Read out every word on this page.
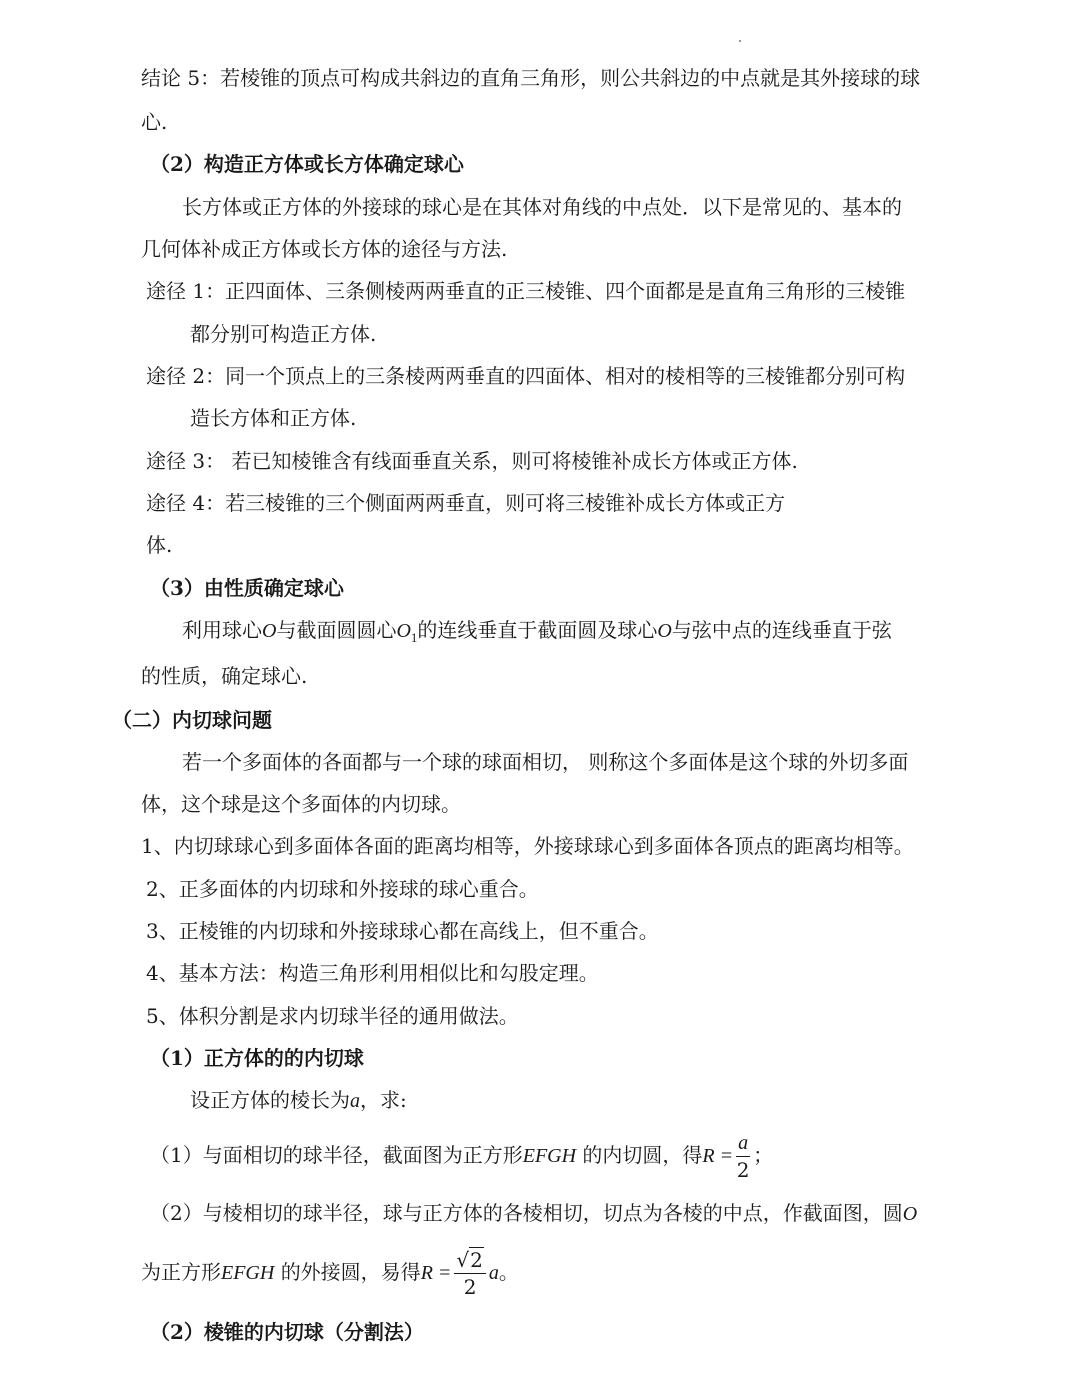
结论 5：若棱锥的顶点可构成共斜边的直角三角形，则公共斜边的中点就是其外接球的球
心.
（2）构造正方体或长方体确定球心
长方体或正方体的外接球的球心是在其体对角线的中点处．以下是常见的、基本的
几何体补成正方体或长方体的途径与方法.
途径 1：正四面体、三条侧棱两两垂直的正三棱锥、四个面都是是直角三角形的三棱锥
都分别可构造正方体.
途径 2：同一个顶点上的三条棱两两垂直的四面体、相对的棱相等的三棱锥都分别可构
造长方体和正方体.
途径 3： 若已知棱锥含有线面垂直关系，则可将棱锥补成长方体或正方体.
途径 4：若三棱锥的三个侧面两两垂直，则可将三棱锥补成长方体或正方
体.
（3）由性质确定球心
利用球心O与截面圆圆心$O_1$的连线垂直于截面圆及球心O与弦中点的连线垂直于弦
的性质，确定球心.
（二）内切球问题
若一个多面体的各面都与一个球的球面相切， 则称这个多面体是这个球的外切多面
体，这个球是这个多面体的内切球。
1、内切球球心到多面体各面的距离均相等，外接球球心到多面体各顶点的距离均相等。
2、正多面体的内切球和外接球的球心重合。
3、正棱锥的内切球和外接球球心都在高线上，但不重合。
4、基本方法：构造三角形利用相似比和勾股定理。
5、体积分割是求内切球半径的通用做法。
（1）正方体的的内切球
设正方体的棱长为a，求:
（1）与面相切的球半径，截面图为正方形EFGH 的内切圆，得$R = \frac{a}{2}$ ；
（2）与棱相切的球半径，球与正方体的各棱相切，切点为各棱的中点，作截面图，圆O
为正方形EFGH 的外接圆，易得$R = \frac{√2}{2}$ a。
（2）棱锥的内切球（分割法）
